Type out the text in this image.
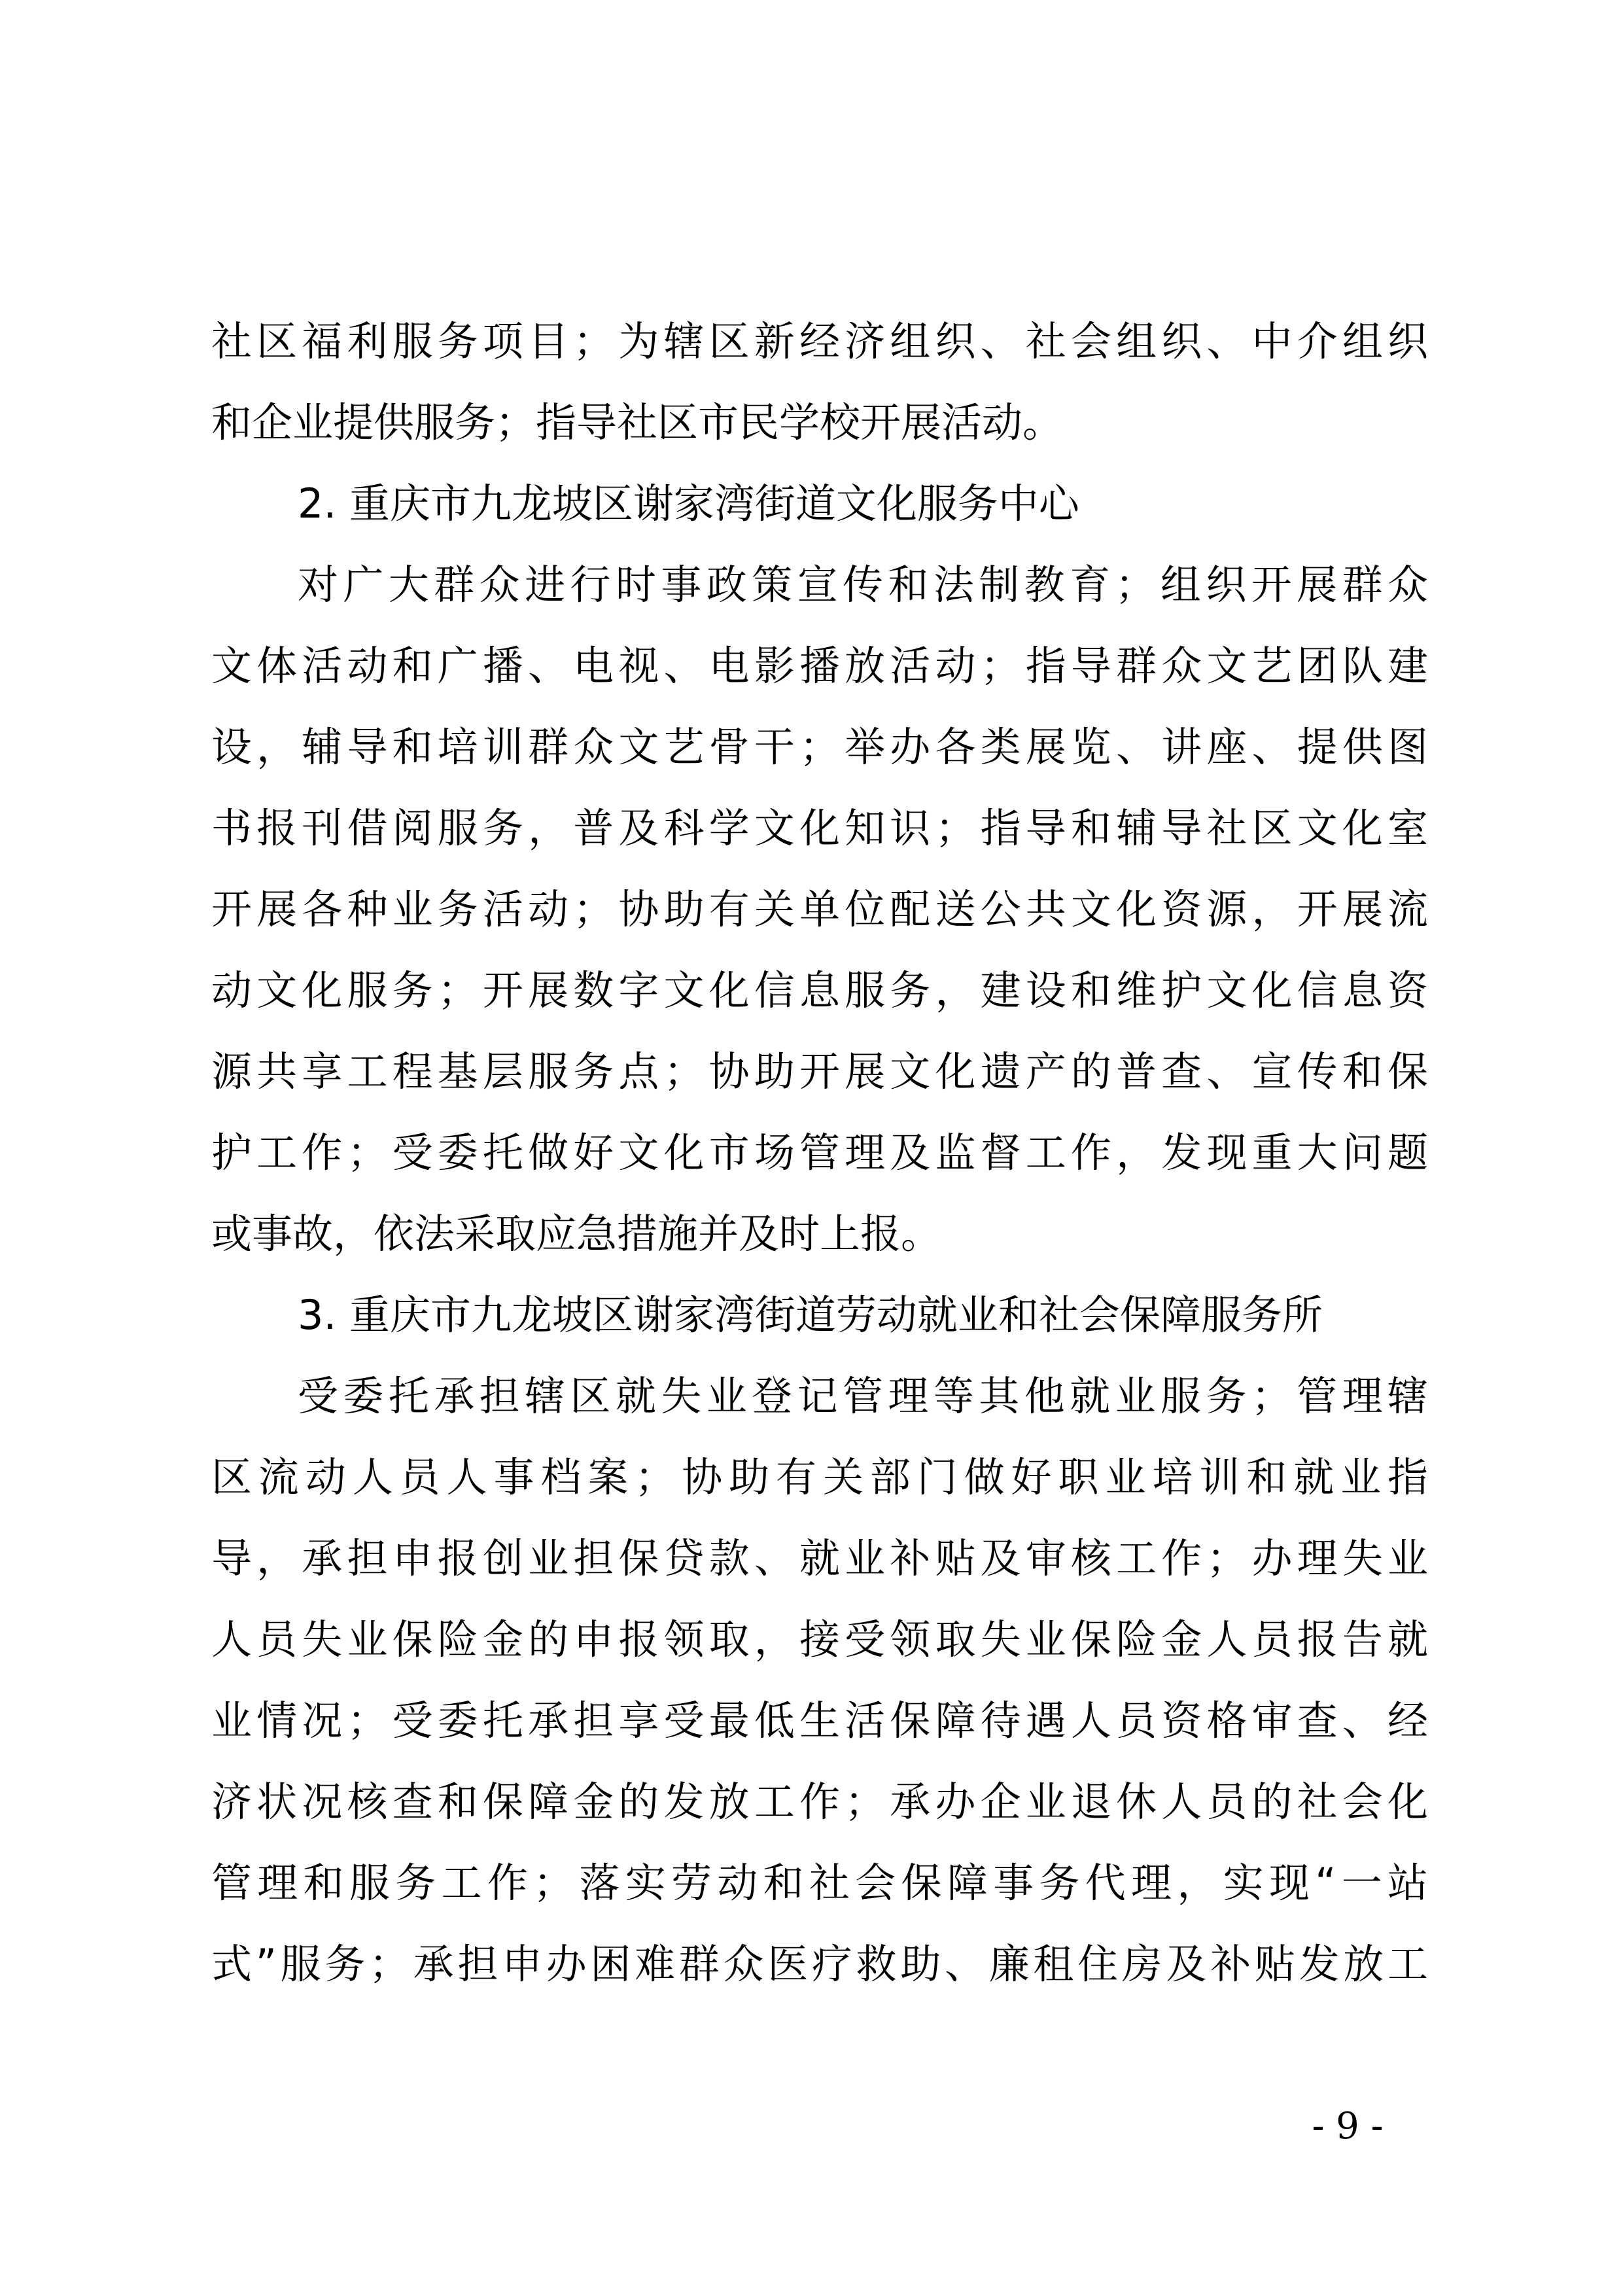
社区福利服务项目；为辖区新经济组织、社会组织、中介组织
和企业提供服务；指导社区市民学校开展活动。
2. 重庆市九龙坡区谢家湾街道文化服务中心
对广大群众进行时事政策宣传和法制教育；组织开展群众
文体活动和广播、电视、电影播放活动；指导群众文艺团队建
设，辅导和培训群众文艺骨干；举办各类展览、讲座、提供图
书报刊借阅服务，普及科学文化知识；指导和辅导社区文化室
开展各种业务活动；协助有关单位配送公共文化资源，开展流
动文化服务；开展数字文化信息服务，建设和维护文化信息资
源共享工程基层服务点；协助开展文化遗产的普查、宣传和保
护工作；受委托做好文化市场管理及监督工作，发现重大问题
或事故，依法采取应急措施并及时上报。
3. 重庆市九龙坡区谢家湾街道劳动就业和社会保障服务所
受委托承担辖区就失业登记管理等其他就业服务；管理辖
区流动人员人事档案；协助有关部门做好职业培训和就业指
导，承担申报创业担保贷款、就业补贴及审核工作；办理失业
人员失业保险金的申报领取，接受领取失业保险金人员报告就
业情况；受委托承担享受最低生活保障待遇人员资格审查、经
济状况核查和保障金的发放工作；承办企业退休人员的社会化
管理和服务工作；落实劳动和社会保障事务代理，实现“一站
式”服务；承担申办困难群众医疗救助、廉租住房及补贴发放工
- 9 -
